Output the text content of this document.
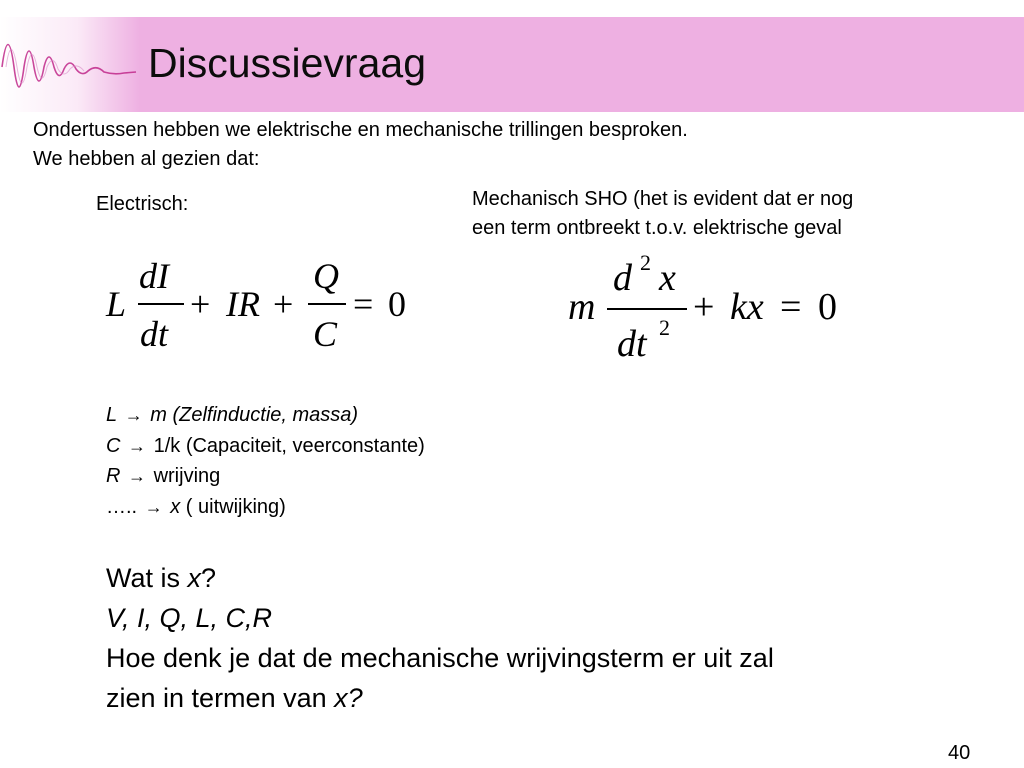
Discussievraag
Ondertussen hebben we elektrische en mechanische trillingen besproken.
We hebben al gezien dat:
Electrisch:	Mechanisch SHO (het is evident dat er nog
een term ontbreekt t.o.v. elektrische geval
L
dI
dt
+ IR +
Q
C
= 0	m
d 2 x
dt 2 + kx = 0
L → m (Zelfinductie, massa)
C → 1/k (Capaciteit, veerconstante)
R → wrijving
….. → x ( uitwijking)
Wat is x?
V, I, Q, L, C,R
Hoe denk je dat de mechanische wrijvingsterm er uit zal
zien in termen van x?
40
